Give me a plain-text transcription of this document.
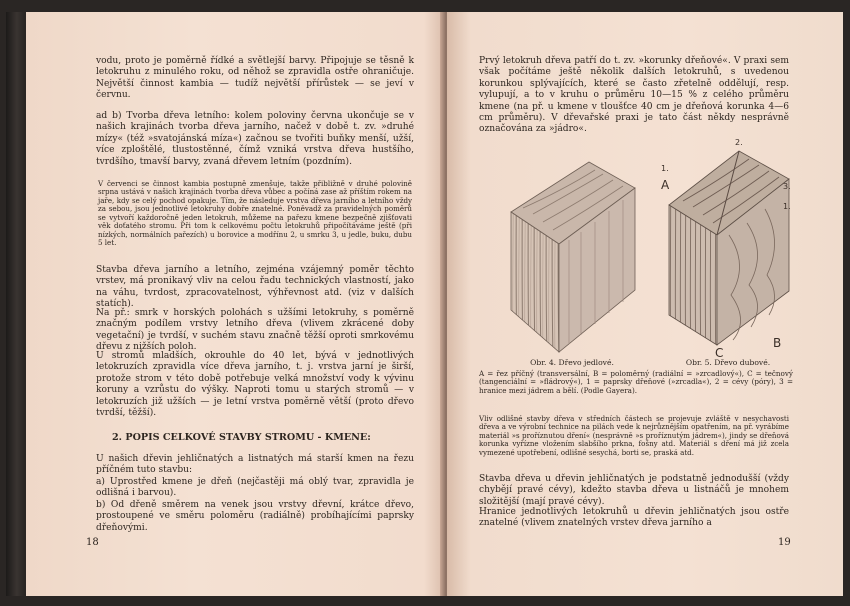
vodu, proto je poměrně řídké a světlejší barvy. Připojuje se těsně k letokruhu z minulého roku, od něhož se zpravidla ostře ohraničuje. Největší činnost kambia — tudíž největší přírůstek — se jeví v červnu.

ad b) Tvorba dřeva letního: kolem poloviny června ukončuje se v našich krajinách tvorba dřeva jarního, načež v době t. zv. »druhé mízy« (též »svatojánská míza«) začnou se tvořiti buňky menší, užší, více zploštělé, tlustostěnné, čímž vzniká vrstva dřeva hustšího, tvrdšího, tmavší barvy, zvaná dřevem letním (pozdním).

V červenci se činnost kambia postupně zmenšuje, takže přibližně v druhé polovině srpna ustává v našich krajinách tvorba dřeva vůbec a počíná zase až příštím rokem na jaře, kdy se celý pochod opakuje. Tím, že následuje vrstva dřeva jarního a letního vždy za sebou, jsou jednotlivé letokruhy dobře znatelné. Poněvadž za pravidelných poměrů se vytvoří každoročně jeden letokruh, můžeme na pařezu kmene bezpečně zjišťovati věk doťatého stromu. Při tom k celkovému počtu letokruhů připočítáváme ještě (při nízkých, normálních pařezích) u borovice a modřínu 2, u smrku 3, u jedle, buku, dubu 5 let.

Stavba dřeva jarního a letního, zejména vzájemný poměr těchto vrstev, má pronikavý vliv na celou řadu technických vlastností, jako na váhu, tvrdost, zpracovatelnost, výhřevnost atd. (viz v dalších statích).

Na př.: smrk v horských polohách s užšími letokruhy, s poměrně značným podílem vrstvy letního dřeva (vlivem zkrácené doby vegetační) je tvrdší, v suchém stavu značně těžší oproti smrkovému dřevu z nižších poloh.

U stromů mladších, okrouhle do 40 let, bývá v jednotlivých letokruzích zpravidla více dřeva jarního, t. j. vrstva jarní je širší, protože strom v této době potřebuje velká množství vody k vývinu koruny a vzrůstu do výšky. Naproti tomu u starých stromů — v letokruzích již užších — je letní vrstva poměrně větší (proto dřevo tvrdší, těžší).

2. POPIS CELKOVÉ STAVBY STROMU - KMENE:

U našich dřevin jehličnatých a listnatých má starší kmen na řezu příčném tuto stavbu:

a) Uprostřed kmene je dřeň (nejčastěji má oblý tvar, zpravidla je odlišná i barvou).

b) Od dřeně směrem na venek jsou vrstvy dřevní, krátce dřevo, prostoupené ve směru poloměru (radiálně) probíhajícími paprsky dřeňovými.

18

Prvý letokruh dřeva patří do t. zv. »korunky dřeňové«. V praxi sem však počítáme ještě několik dalších letokruhů, s uvedenou korunkou splývajících, které se často zřetelně oddělují, resp. vylupují, a to v kruhu o průměru 10—15 % z celého průměru kmene (na př. u kmene v tloušťce 40 cm je dřeňová korunka 4—6 cm průměru). V dřevařské praxi je tato část někdy nesprávně označována za »jádro«.

A
B
C
1.
2.
3.
1.
Obr. 4. Dřevo jedlové.	Obr. 5. Dřevo dubové.

A = řez příčný (transversální, B = poloměrný (radiální = »zrcadlový«), C = tečnový (tangenciální = »fládrový«), 1 = paprsky dřeňové (»zrcadla«), 2 = cévy (póry), 3 = hranice mezi jádrem a bělí. (Podle Gayera).

Vliv odlišné stavby dřeva v středních částech se projevuje zvláště v nesychavosti dřeva a ve výrobní technice na pilách vede k nejrůznějším opatřením, na př. vyrábíme materiál »s proříznutou dření« (nesprávně »s proříznutým jádrem«), jindy se dřeňová korunka vyřízne vložením slabšího prkna, fošny atd. Materiál s dření má již zcela vymezené upotřebení, odlišné sesychá, borti se, praská atd.

Stavba dřeva u dřevin jehličnatých je podstatně jednodušší (vždy chybějí pravé cévy), kdežto stavba dřeva u listnáčů je mnohem složitější (mají pravé cévy).

Hranice jednotlivých letokruhů u dřevin jehličnatých jsou ostře znatelné (vlivem znatelných vrstev dřeva jarního a

19
